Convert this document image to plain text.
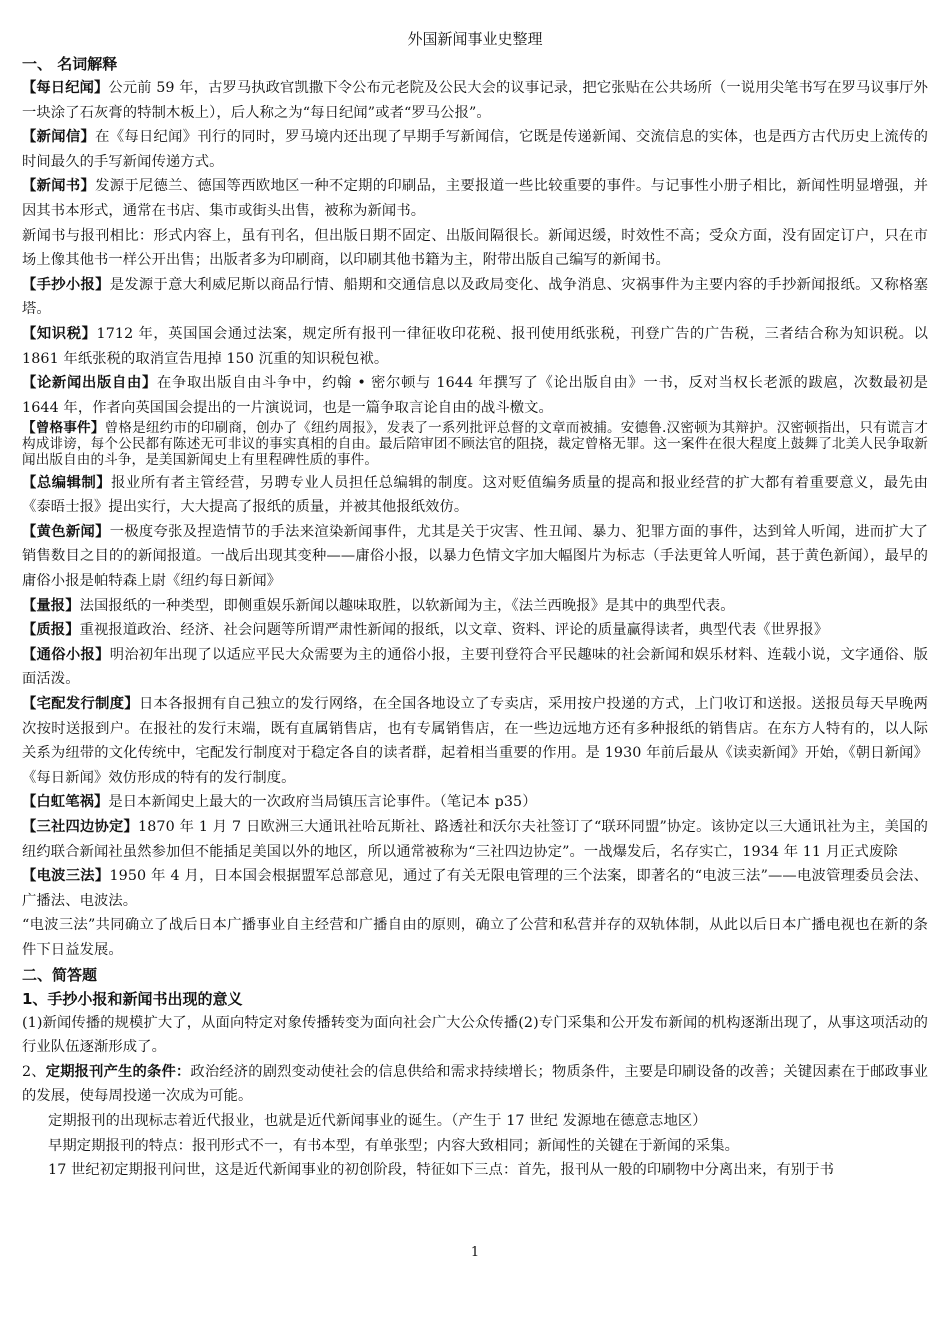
外国新闻事业史整理

一、 名词解释

【每日纪闻】公元前 59 年，古罗马执政官凯撒下令公布元老院及公民大会的议事记录，把它张贴在公共场所（一说用尖笔书写在罗马议事厅外一块涂了石灰膏的特制木板上），后人称之为“每日纪闻”或者“罗马公报”。

【新闻信】在《每日纪闻》刊行的同时，罗马境内还出现了早期手写新闻信，它既是传递新闻、交流信息的实体，也是西方古代历史上流传的时间最久的手写新闻传递方式。

【新闻书】发源于尼德兰、德国等西欧地区一种不定期的印刷品，主要报道一些比较重要的事件。与记事性小册子相比，新闻性明显增强，并因其书本形式，通常在书店、集市或街头出售，被称为新闻书。

新闻书与报刊相比：形式内容上，虽有刊名，但出版日期不固定、出版间隔很长。新闻迟缓，时效性不高；受众方面，没有固定订户，只在市场上像其他书一样公开出售；出版者多为印刷商，以印刷其他书籍为主，附带出版自己编写的新闻书。

【手抄小报】是发源于意大利威尼斯以商品行情、船期和交通信息以及政局变化、战争消息、灾祸事件为主要内容的手抄新闻报纸。又称格塞塔。

【知识税】1712 年，英国国会通过法案，规定所有报刊一律征收印花税、报刊使用纸张税，刊登广告的广告税，三者结合称为知识税。以 1861 年纸张税的取消宣告甩掉 150 沉重的知识税包袱。

【论新闻出版自由】在争取出版自由斗争中，约翰 • 密尔顿与 1644 年撰写了《论出版自由》一书，反对当权长老派的跋扈，次数最初是 1644 年，作者向英国国会提出的一片演说词，也是一篇争取言论自由的战斗檄文。

【曾格事件】曾格是纽约市的印刷商，创办了《纽约周报》，发表了一系列批评总督的文章而被捕。安德鲁.汉密顿为其辩护。汉密顿指出，只有谎言才构成诽谤，每个公民都有陈述无可非议的事实真相的自由。最后陪审团不顾法官的阻挠，裁定曾格无罪。这一案件在很大程度上鼓舞了北美人民争取新闻出版自由的斗争，是美国新闻史上有里程碑性质的事件。

【总编辑制】报业所有者主管经营，另聘专业人员担任总编辑的制度。这对贬值编务质量的提高和报业经营的扩大都有着重要意义，最先由《泰晤士报》提出实行，大大提高了报纸的质量，并被其他报纸效仿。

【黄色新闻】一极度夸张及捏造情节的手法来渲染新闻事件，尤其是关于灾害、性丑闻、暴力、犯罪方面的事件，达到耸人听闻，进而扩大了销售数目之目的的新闻报道。一战后出现其变种——庸俗小报，以暴力色情文字加大幅图片为标志（手法更耸人听闻，甚于黄色新闻），最早的庸俗小报是帕特森上尉《纽约每日新闻》

【量报】法国报纸的一种类型，即侧重娱乐新闻以趣味取胜，以软新闻为主，《法兰西晚报》是其中的典型代表。

【质报】重视报道政治、经济、社会问题等所谓严肃性新闻的报纸，以文章、资料、评论的质量赢得读者，典型代表《世界报》

【通俗小报】明治初年出现了以适应平民大众需要为主的通俗小报，主要刊登符合平民趣味的社会新闻和娱乐材料、连载小说，文字通俗、版面活泼。

【宅配发行制度】日本各报拥有自己独立的发行网络，在全国各地设立了专卖店，采用按户投递的方式，上门收订和送报。送报员每天早晚两次按时送报到户。在报社的发行末端，既有直属销售店，也有专属销售店，在一些边远地方还有多种报纸的销售店。在东方人特有的，以人际关系为纽带的文化传统中，宅配发行制度对于稳定各自的读者群，起着相当重要的作用。是 1930 年前后最从《读卖新闻》开始，《朝日新闻》《每日新闻》效仿形成的特有的发行制度。

【白虹笔祸】是日本新闻史上最大的一次政府当局镇压言论事件。（笔记本 p35）

【三社四边协定】1870 年 1 月 7 日欧洲三大通讯社哈瓦斯社、路透社和沃尔夫社签订了“联环同盟”协定。该协定以三大通讯社为主，美国的纽约联合新闻社虽然参加但不能插足美国以外的地区，所以通常被称为“三社四边协定”。一战爆发后，名存实亡，1934 年 11 月正式废除

【电波三法】1950 年 4 月，日本国会根据盟军总部意见，通过了有关无限电管理的三个法案，即著名的“电波三法”——电波管理委员会法、广播法、电波法。

“电波三法”共同确立了战后日本广播事业自主经营和广播自由的原则，确立了公营和私营并存的双轨体制，从此以后日本广播电视也在新的条件下日益发展。

二、简答题

1、手抄小报和新闻书出现的意义

(1)新闻传播的规模扩大了，从面向特定对象传播转变为面向社会广大公众传播(2)专门采集和公开发布新闻的机构逐渐出现了，从事这项活动的行业队伍逐渐形成了。

2、定期报刊产生的条件：政治经济的剧烈变动使社会的信息供给和需求持续增长；物质条件，主要是印刷设备的改善；关键因素在于邮政事业的发展，使每周投递一次成为可能。

定期报刊的出现标志着近代报业，也就是近代新闻事业的诞生。（产生于 17 世纪 发源地在德意志地区）

早期定期报刊的特点：报刊形式不一，有书本型，有单张型；内容大致相同；新闻性的关键在于新闻的采集。

17 世纪初定期报刊问世，这是近代新闻事业的初创阶段，特征如下三点：首先，报刊从一般的印刷物中分离出来，有别于书

1
